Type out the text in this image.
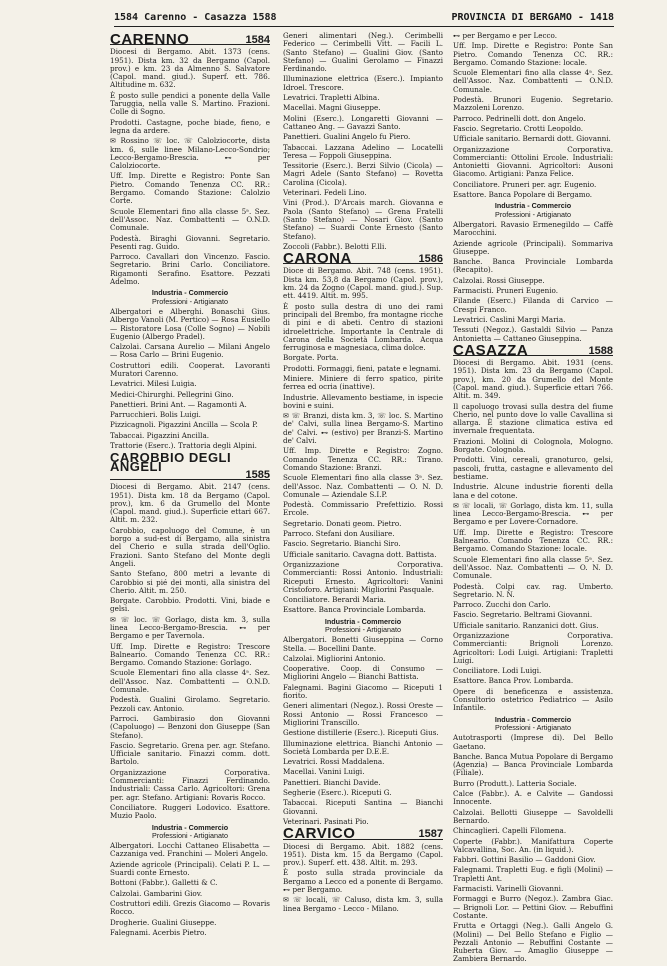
1584 Carenno - Casazza 1588	PROVINCIA DI BERGAMO - 1418
CARENNO	1584

Diocesi di Bergamo. Abit. 1373 (cens. 1951). Dista km. 32 da Bergamo (Capol. prov.) e km. 23 da Almenno S. Salvatore (Capol. mand. giud.). Superf. ett. 786. Altitudine m. 632.

È posto sulle pendici a ponente della Valle Taruggia, nella valle S. Martino. Frazioni. Colle di Sogno.

Prodotti. Castagne, poche biade, fieno, e legna da ardere.

✉ Rossino ☏ loc. ☏ Calolziocorte, dista km. 6, sulle linee Milano-Lecco-Sondrio; Lecco-Bergamo-Brescia. ⊷ per Calolziocorte.

Uff. Imp. Dirette e Registro: Ponte San Pietro. Comando Tenenza CC. RR.: Bergamo. Comando Stazione: Calolzio Corte.

Scuole Elementari fino alla classe 5ᵃ. Sez. dell'Assoc. Naz. Combattenti — O.N.D. Comunale.

Podestà. Biraghi Giovanni. Segretario. Pesenti rag. Guido.

Parroco. Cavallari don Vincenzo. Fascio. Segretario. Brini Carlo. Conciliatore. Rigamonti Serafino. Esattore. Pezzati Adelmo.

Industria - Commercio
Professioni - Artigianato

Albergatori e Alberghi. Bonaschi Gius. Albergo Vanoli (M. Pertico) — Rosa Eusiello — Ristoratore Losa (Colle Sogno) — Nobili Eugenio (Albergo Pradel).

Calzolai. Carsana Aurelio — Milani Angelo — Rosa Carlo — Brini Eugenio.

Costruttori edili. Cooperat. Lavoranti Muratori Carenno.

Levatrici. Milesi Luigia.

Medici-Chirurghi. Pellegrini Gino.

Panettieri. Brini Ant. — Ragamonti A.

Parrucchieri. Bolis Luigi.

Pizzicagnoli. Pigazzini Ancilla — Scola P.

Tabaccai. Pigazzini Ancilla.

Trattorie (Eserc.). Trattoria degli Alpini.

CAROBBIO DEGLI ANGELI
1585

Diocesi di Bergamo. Abit. 2147 (cens. 1951). Dista km. 18 da Bergamo (Capol. prov.), km. 6 da Grumello del Monte (Capol. mand. giud.). Superficie ettari 667. Altit. m. 232.

Carobbio, capoluogo del Comune, è un borgo a sud-est di Bergamo, alla sinistra del Cherio e sulla strada dell'Oglio. Frazioni. Santo Stefano del Monte degli Angeli.

Santo Stefano, 800 metri a levante di Carobbio si pié dei monti, alla sinistra del Cherio. Altit. m. 250.

Borgate. Carobbio. Prodotti. Vini, biade e gelsi.

✉ ☏ loc. ☏ Gorlago, dista km. 3, sulla linea Lecco-Bergamo-Brescia. ⊷ per Bergamo e per Tavernola.

Uff. Imp. Dirette e Registro: Trescore Balneario. Comando Tenenza CC. RR.: Bergamo. Comando Stazione: Gorlago.

Scuole Elementari fino alla classe 4ᵃ. Sez. dell'Assoc. Naz. Combattenti — O.N.D. Comunale.

Podestà. Gualini Girolamo. Segretario. Pezzoli cav. Antonio.

Parroci. Gambirasio don Giovanni (Capoluogo) — Benzoni don Giuseppe (San Stefano).

Fascio. Segretario. Grena per. agr. Stefano. Ufficiale sanitario. Finazzi comm. dott. Bartolo.

Organizzazione Corporativa. Commercianti: Finazzi Ferdinando. Industriali: Cassa Carlo. Agricoltori: Grena per. agr. Stefano. Artigiani: Rovaris Rocco.

Conciliatore. Ruggeri Lodovico. Esattore. Muzio Paolo.

Industria - Commercio
Professioni - Artigianato

Albergatori. Locchi Cattaneo Elisabetta — Cazzaniga ved. Franchini — Moleri Angelo.

Aziende agricole (Principali). Celati P. L. — Suardi conte Ernesto.

Bottoni (Fabbr.). Galletti & C.

Calzolai. Gambarini Giov.

Costruttori edili. Grezis Giacomo — Rovaris Rocco.

Drogherie. Gualini Giuseppe.

Falegnami. Acerbis Pietro.

Generi alimentari (Neg.). Cerimbelli Federico — Cerimbelli Vitt. — Facili L. (Santo Stefano) — Gualini Giov. (Santo Stefano) — Gualini Gerolamo — Finazzi Ferdinando.

Illuminazione elettrica (Eserc.). Impianto Idroel. Trescore.

Levatrici. Trapletti Albina.

Macellai. Magni Giuseppe.

Molini (Eserc.). Longaretti Giovanni — Cattaneo Ang. — Gavazzi Santo.

Panettieri. Gualini Angelo fu Piero.

Tabaccai. Lazzana Adelino — Locatelli Teresa — Foppoli Giuseppina.

Tessitorie (Eserc.). Berzi Silvio (Cicola) — Magri Adele (Santo Stefano) — Rovetta Carolina (Cicola).

Veterinari. Fedeli Lino.

Vini (Prod.). D'Arcais march. Giovanna e Paola (Santo Stefano) — Grena Fratelli (Santo Stefano) — Nosari Giov. (Santo Stefano) — Suardi Conte Ernesto (Santo Stefano).

Zoccoli (Fabbr.). Belotti F.lli.

CARONA	1586

Dioce di Bergamo. Abit. 748 (cens. 1951). Dista km. 53,8 da Bergamo (Capol. prov.), km. 24 da Zogno (Capol. mand. giud.). Sup. ett. 4419. Altit. m. 995.

È posto sulla destra di uno dei rami principali del Brembo, fra montagne ricche di pini e di abeti. Centro di stazioni idroelettriche. Importante la Centrale di Carona della Società Lombarda. Acqua ferruginosa e magnesiaca, clima dolce.

Borgate. Porta.

Prodotti. Formaggi, fieni, patate e legnami.

Miniere. Miniere di ferro spatico, pirite ferrea ed ocria (inattive).

Industrie. Allevamento bestiame, in ispecie bovini e suini.

✉ ☏ Branzi, dista km. 3, ☏ loc. S. Martino de' Calvi, sulla linea Bergamo-S. Martino de' Calvi. ⊷ (estivo) per Branzi-S. Martino de' Calvi.

Uff. Imp. Dirette e Registro: Zogno. Comando Tenenza CC. RR.: Tirano. Comando Stazione: Branzi.

Scuole Elementari fino alla classe 3ᵃ. Sez. dell'Assoc. Naz. Combattenti — O. N. D. Comunale — Aziendale S.I.P.

Podestà. Commissario Prefettizio. Rossi Ercole.

Segretario. Donati geom. Pietro.

Parroco. Stefani don Ausiliare.

Fascio. Segretario. Bianchi Siro.

Ufficiale sanitario. Cavagna dott. Battista.

Organizzazione Corporativa. Commercianti: Rossi Antonio. Industriali: Riceputi Ernesto. Agricoltori: Vanini Cristoforo. Artigiani: Migliorini Pasquale.

Conciliatore. Berardi Maria.

Esattore. Banca Provinciale Lombarda.

Industria - Commercio
Professioni - Artigianato

Albergatori. Bonetti Giuseppina — Corno Stella. — Bocellini Dante.

Calzolai. Migliorini Antonio.

Cooperative. Coop. di Consumo — Migliorini Angelo — Bianchi Battista.

Falegnami. Bagini Giacomo — Riceputi 1 fiorito.

Generi alimentari (Negoz.). Rossi Oreste — Rossi Antonio — Rossi Francesco — Migliorini Transcillo.

Gestione distillerie (Eserc.). Riceputi Gius.

Illuminazione elettrica. Bianchi Antonio — Società Lombarda per D.E.E.

Levatrici. Rossi Maddalena.

Macellai. Vanini Luigi.

Panettieri. Bianchi Davide.

Segherie (Eserc.). Riceputi G.

Tabaccai. Riceputi Santina — Bianchi Giovanni.

Veterinari. Pasinati Pio.

CARVICO	1587

Diocesi di Bergamo. Abit. 1882 (cens. 1951). Dista km. 15 da Bergamo (Capol. prov.). Superf. ett. 438. Altit. m. 293.

È posto sulla strada provinciale da Bergamo a Lecco ed a ponente di Bergamo. ⊷ per Bergamo.

✉ ☏ locali, ☏ Caluso, dista km. 3, sulla linea Bergamo - Lecco - Milano.

⊷ per Bergamo e per Lecco.

Uff. Imp. Dirette e Registro: Ponte San Pietro. Comando Tenenza CC. RR.: Bergamo. Comando Stazione: locale.

Scuole Elementari fino alla classe 4ᵃ. Sez. dell'Assoc. Naz. Combattenti — O.N.D. Comunale.

Podestà. Brunori Eugenio. Segretario. Mazzoleni Lorenzo.

Parroco. Pedrinelli dott. don Angelo.

Fascio. Segretario. Crotti Leopoldo.

Ufficiale sanitario. Bernardi dott. Giovanni.

Organizzazione Corporativa. Commercianti: Ottolini Ercole. Industriali: Antonietti Giovanni. Agricoltori: Ausoni Giacomo. Artigiani: Panza Felice.

Conciliatore. Pruneri per. agr. Eugenio.

Esattore. Banca Popolare di Bergamo.

Industria - Commercio
Professioni - Artigianato

Albergatori. Ravasio Ermenegildo — Caffè Marocchini.

Aziende agricole (Principali). Sommariva Giuseppe.

Banche. Banca Provinciale Lombarda (Recapito).

Calzolai. Rossi Giuseppe.

Farmacisti. Pruneri Eugenio.

Filande (Eserc.) Filanda di Carvico — Crespi Franco.

Levatrici. Caslini Margi Maria.

Tessuti (Negoz.). Gastaldi Silvio — Panza Antonietta — Cattaneo Giuseppina.

CASAZZA	1588

Diocesi di Bergamo. Abit. 1931 (cens. 1951). Dista km. 23 da Bergamo (Capol. prov.), km. 20 da Grumello del Monte (Capol. mand. giud.). Superficie ettari 766. Altit. m. 349.

Il capoluogo trovasi sulla destra del fiume Cherio, nel punto dove lo valle Cavallina si allarga. È stazione climatica estiva ed invernale frequentata.

Frazioni. Molini di Colognola, Mologno. Borgate. Colognola.

Prodotti. Vini, cereali, granoturco, gelsi, pascoli, frutta, castagne e allevamento del bestiame.

Industrie. Alcune industrie fiorenti della lana e del cotone.

✉ ☏ locali, ☏ Gorlago, dista km. 11, sulla linea Lecco-Bergamo-Brescia. ⊷ per Bergamo e per Lovere-Cornadore.

Uff. Imp. Dirette e Registro: Trescore Balneario. Comando Tenenza CC. RR.: Bergamo. Comando Stazione: locale.

Scuole Elementari fino alla classe 5ᵃ. Sez. dell'Assoc. Naz. Combattenti — O. N. D. Comunale.

Podestà. Colpi cav. rag. Umberto. Segretario. N. N.

Parroco. Zucchi don Carlo.

Fascio. Segretario. Beltrami Giovanni.

Ufficiale sanitario. Ranzanici dott. Gius.

Organizzazione Corporativa. Commercianti: Brignoli Lorenzo. Agricoltori: Lodi Luigi. Artigiani: Trapletti Luigi.

Conciliatore. Lodi Luigi.

Esattore. Banca Prov. Lombarda.

Opere di beneficenza e assistenza. Consultorio ostetrico Pediatrico — Asilo Infantile.

Industria - Commercio
Professioni - Artigianato

Autotrasporti (Imprese di). Del Bello Gaetano.

Banche. Banca Mutua Popolare di Bergamo (Agenzia) — Banca Provinciale Lombarda (Filiale).

Burro (Produtt.). Latteria Sociale.

Calce (Fabbr.). A. e Calvite — Gandossi Innocente.

Calzolai. Bellotti Giuseppe — Savoldelli Bernardo.

Chincaglieri. Capelli Filomena.

Coperte (Fabbr.). Manifattura Coperte Valcavallina, Soc. An. (in liquid.).

Fabbri. Gottini Basilio — Gaddoni Giov.

Falegnami. Trapletti Eug. e figli (Molini) — Trapletti Ant.

Farmacisti. Varinelli Giovanni.

Formaggi e Burro (Negoz.). Zambra Giac. — Brignoli Lor. — Pettini Giov. — Rebuffini Costante.

Frutta e Ortaggi (Neg.). Galli Angelo G. (Molini) — Del Bello Stefano e Figlio — Pezzali Antonio — Rebuffini Costante — Ruberta Giov. — Amaglio Giuseppe — Zambiera Bernardo.
